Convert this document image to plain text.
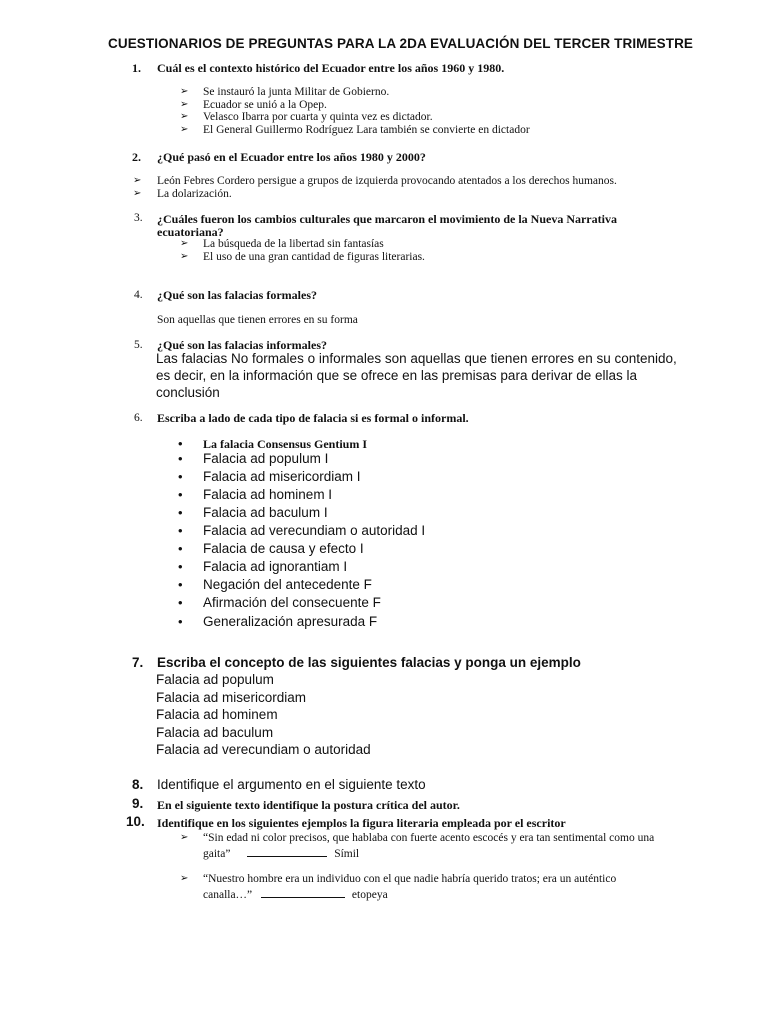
CUESTIONARIOS DE PREGUNTAS PARA LA 2DA EVALUACIÓN DEL TERCER TRIMESTRE
1. Cuál es el contexto histórico del Ecuador entre los años 1960 y 1980.
➢ Se instauró la junta Militar de Gobierno.
➢ Ecuador se unió a la Opep.
➢ Velasco Ibarra por cuarta y quinta vez es dictador.
➢ El General Guillermo Rodríguez Lara también se convierte en dictador
2. ¿Qué pasó en el Ecuador entre los años 1980 y 2000?
➢ León Febres Cordero persigue a grupos de izquierda provocando atentados a los derechos humanos.
➢ La dolarización.
3. ¿Cuáles fueron los cambios culturales que marcaron el movimiento de la Nueva Narrativa
ecuatoriana?
➢ La búsqueda de la libertad sin fantasías
➢ El uso de una gran cantidad de figuras literarias.
4. ¿Qué son las falacias formales?
Son aquellas que tienen errores en su forma
5. ¿Qué son las falacias informales?
Las falacias No formales o informales son aquellas que tienen errores en su contenido,
es decir, en la información que se ofrece en las premisas para derivar de ellas la
conclusión
6. Escriba a lado de cada tipo de falacia si es formal o informal.
• La falacia Consensus Gentium I
• Falacia ad populum I
• Falacia ad misericordiam I
• Falacia ad hominem I
• Falacia ad baculum I
• Falacia ad verecundiam o autoridad I
• Falacia de causa y efecto I
• Falacia ad ignorantiam I
• Negación del antecedente F
• Afirmación del consecuente F
• Generalización apresurada F
7. Escriba el concepto de las siguientes falacias y ponga un ejemplo
Falacia ad populum
Falacia ad misericordiam
Falacia ad hominem
Falacia ad baculum
Falacia ad verecundiam o autoridad
8. Identifique el argumento en el siguiente texto
9. En el siguiente texto identifique la postura crítica del autor.
10. Identifique en los siguientes ejemplos la figura literaria empleada por el escritor
➢ “Sin edad ni color precisos, que hablaba con fuerte acento escocés y era tan sentimental como una
gaita”	Símil
➢ “Nuestro hombre era un individuo con el que nadie habría querido tratos; era un auténtico
canalla…”	etopeya
